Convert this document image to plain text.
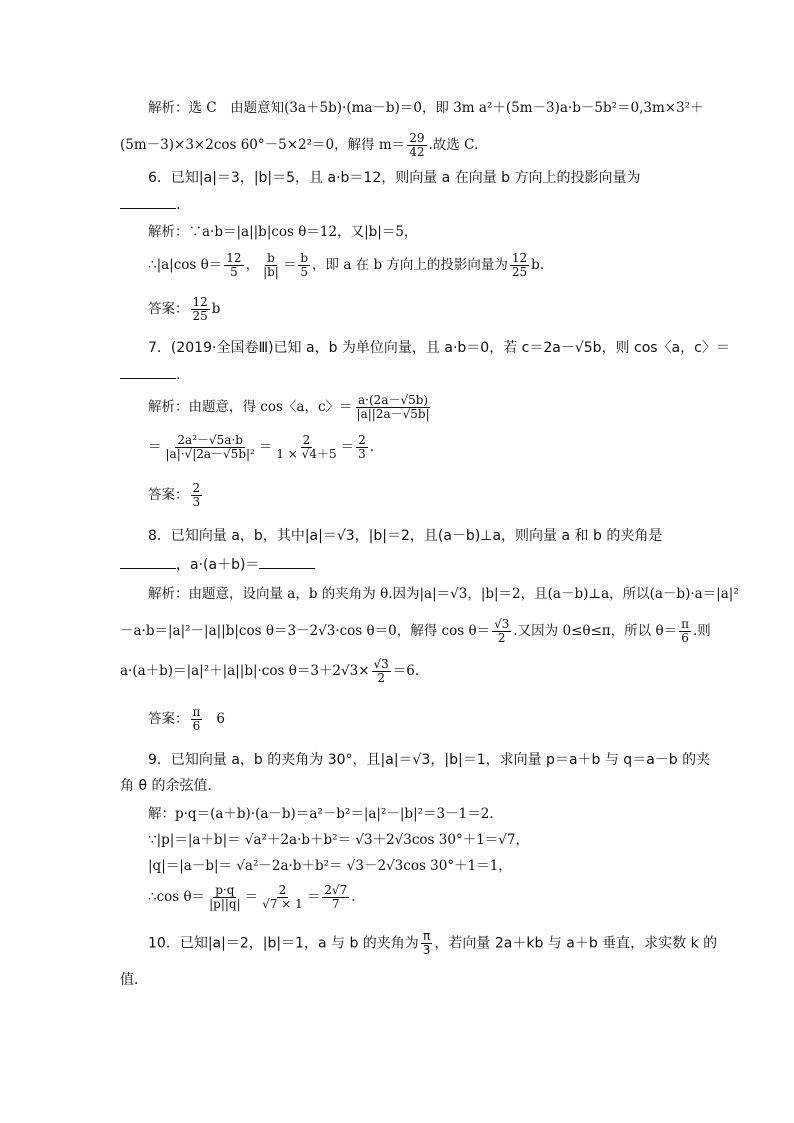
解析：选 C　由题意知(3a＋5b)·(ma－b)＝0，即 3m a²＋(5m－3)a·b－5b²＝0,3m×3²＋
(5m－3)×3×2cos 60°－5×2²＝0，解得 $m= \frac{29}{42}$ .故选 C.
6．已知|a|＝3，|b|＝5，且 a·b＝12，则向量 a 在向量 b 方向上的投影向量为
.
解析：∵a·b＝|a||b|cos θ＝12，又|b|＝5，
∴|a|cos $\theta= \frac{12}{5}$ ， $\frac{b}{|b|} = \frac{b}{5}$ ，即 a 在 b 方向上的投影向量为 $\frac{12}{25} b$.
答案： $\frac{12}{25}$ b
7．(2019·全国卷Ⅲ)已知 a，b 为单位向量，且 a·b＝0，若 c＝2a－√5b，则 cos〈a，c〉＝
.
解析：由题意，得 cos〈a，c〉＝ $\frac{a\cdot(2a-√5b)}{|a||2a-√5b|}$
＝ $\frac{\text{2a²－√5a·b}}{\text{|a|·√|2a－√5b|²}} = \frac{2}{1 \times √4+5} = \frac{2}{3}$ .
答案： $\frac{2}{3}$
8．已知向量 a，b，其中|a|＝√3，|b|＝2，且(a－b)⊥a，则向量 a 和 b 的夹角是
，a·(a＋b)＝
解析：由题意，设向量 a，b 的夹角为 θ.因为|a|＝√3，|b|＝2，且(a－b)⊥a，所以(a－b)·a＝|a|²
－a·b＝|a|²－|a||b|cos θ＝3－2√3·cos θ＝0，解得 $\cos \theta= \frac{√3}{2}$ .又因为 0≤θ≤π，所以 $\theta= \frac{\pi}{6}$ .则
a·(a＋b)＝|a|²＋|a||b|·cos $\theta=3+2√3\times \frac{√3}{2} =6$.
答案： $\frac{\pi}{6} 6$
9．已知向量 a，b 的夹角为 30°，且|a|＝√3，|b|＝1，求向量 p＝a＋b 与 q＝a－b 的夹
角 θ 的余弦值．
解：p·q＝(a＋b)·(a－b)＝a²－b²＝|a|²－|b|²＝3－1＝2.
∵|p|＝|a＋b|＝ √a²＋2a·b＋b²＝ √3＋2√3cos 30°＋1＝√7，
|q|＝|a－b|＝ √a²－2a·b＋b²＝ √3－2√3cos 30°＋1＝1，
∴cos $\theta= \frac{p\cdot q}{|p||q|} = \frac{2}{√7 \times 1} = \frac{2√7}{7}$ .
10．已知|a|＝2，|b|＝1，a 与 b 的夹角为 $\frac{\pi}{3}$ ，若向量 2a＋kb 与 a＋b 垂直，求实数 k 的
值．
